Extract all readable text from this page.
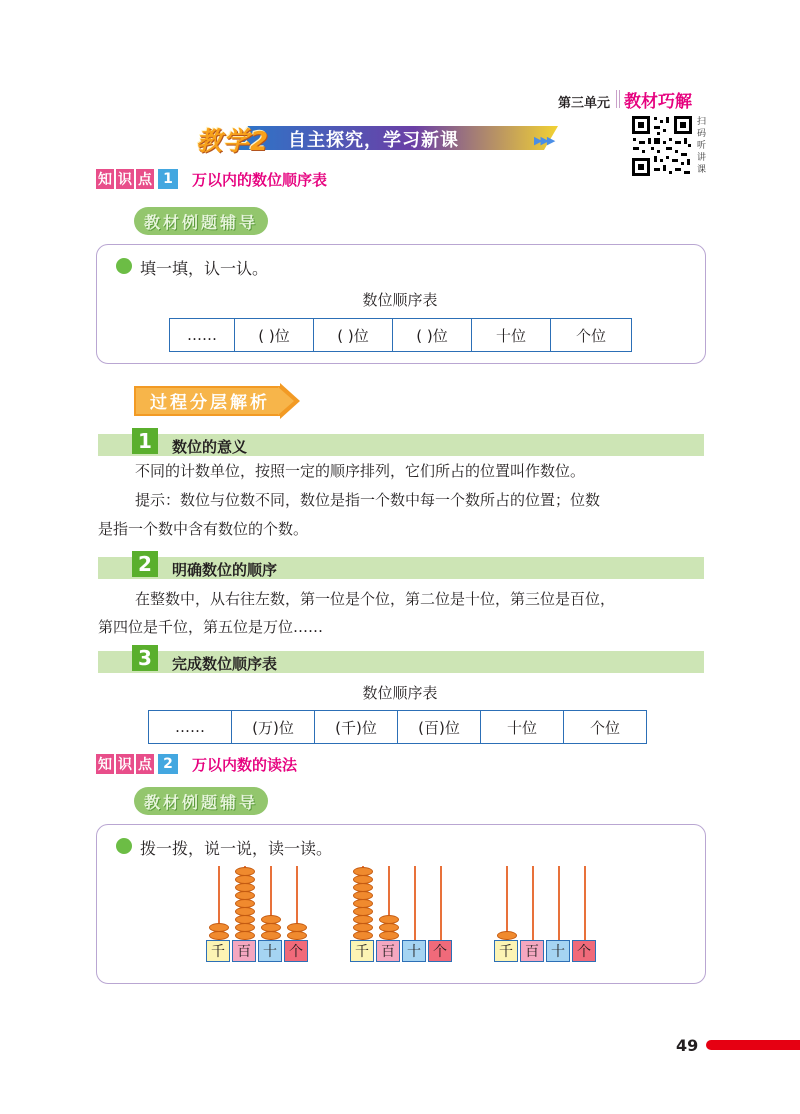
第三单元 教材巧解
扫码听讲课
教学2 自主探究，学习新课	▶▶▶
知 识 点 1	万以内的数位顺序表
教材例题辅导
填一填，认一认。
数位顺序表
……	( )位	( )位	( )位	十位	个位
过程分层解析
1	数位的意义
不同的计数单位，按照一定的顺序排列，它们所占的位置叫作数位。
提示：数位与位数不同，数位是指一个数中每一个数所占的位置；位数
是指一个数中含有数位的个数。
2	明确数位的顺序
在整数中，从右往左数，第一位是个位，第二位是十位，第三位是百位，
第四位是千位，第五位是万位……
3	完成数位顺序表
数位顺序表
……	(万)位	(千)位	(百)位	十位	个位
知 识 点 2	万以内数的读法
教材例题辅导
拨一拨，说一说，读一读。
千 百 十 个	千 百 十 个	千 百 十 个
49
